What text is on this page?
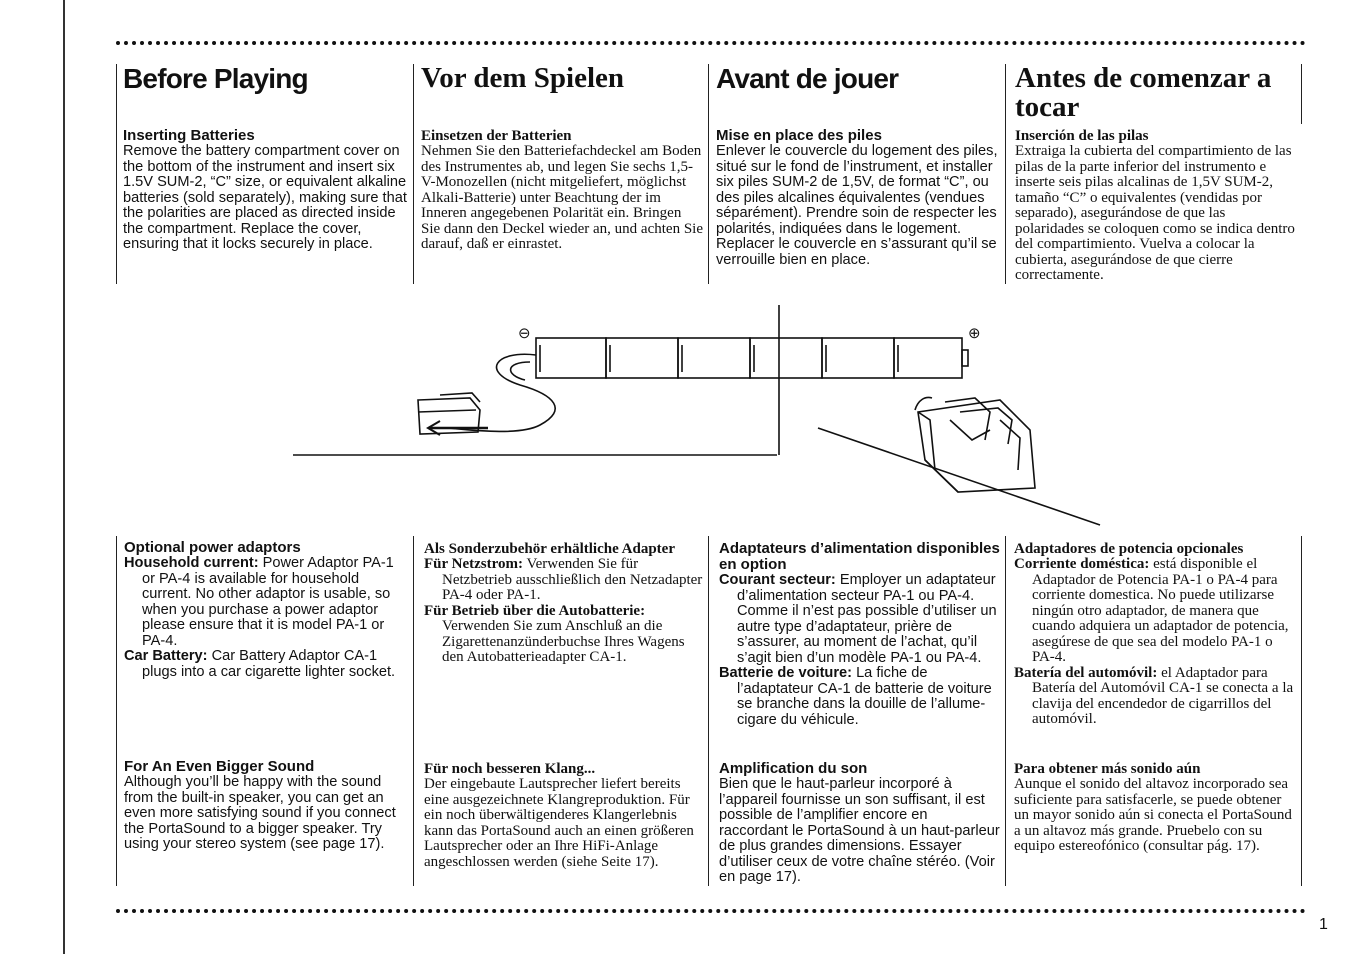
Before Playing
Inserting Batteries
Remove the battery compartment cover on the bottom of the instrument and insert six 1.5V SUM-2, “C” size, or equivalent alkaline batteries (sold separately), making sure that the polarities are placed as directed inside the compartment. Replace the cover, ensuring that it locks securely in place.
Vor dem Spielen
Einsetzen der Batterien
Nehmen Sie den Batteriefachdeckel am Boden des Instrumentes ab, und legen Sie sechs 1,5-V-Monozellen (nicht mitgeliefert, möglichst Alkali-Batterie) unter Beachtung der im Inneren angegebenen Polarität ein. Bringen Sie dann den Deckel wieder an, und achten Sie darauf, daß er einrastet.
Avant de jouer
Mise en place des piles
Enlever le couvercle du logement des piles, situé sur le fond de l’instrument, et installer six piles SUM-2 de 1,5V, de format “C”, ou des piles alcalines équivalentes (vendues séparément). Prendre soin de respecter les polarités, indiquées dans le logement. Replacer le couvercle en s’assurant qu’il se verrouille bien en place.
Antes de comenzar a tocar
Inserción de las pilas
Extraiga la cubierta del compartimiento de las pilas de la parte inferior del instrumento e inserte seis pilas alcalinas de 1,5V SUM-2, tamaño “C” o equivalentes (vendidas por separado), asegurándose de que las polaridades se coloquen como se indica dentro del compartimiento. Vuelva a colocar la cubierta, asegurándose de que cierre correctamente.
⊖	⊕
Optional power adaptors

Household current: Power Adaptor PA-1 or PA-4 is available for household current. No other adaptor is usable, so when you purchase a power adaptor please ensure that it is model PA-1 or PA-4.

Car Battery: Car Battery Adaptor CA-1 plugs into a car cigarette lighter socket.

For An Even Bigger Sound
Although you’ll be happy with the sound from the built-in speaker, you can get an even more satisfying sound if you connect the PortaSound to a bigger speaker. Try using your stereo system (see page 17).
Als Sonderzubehör erhältliche Adapter

Für Netzstrom: Verwenden Sie für Netzbetrieb ausschließlich den Netzadapter PA-4 oder PA-1.

Für Betrieb über die Autobatterie: Verwenden Sie zum Anschluß an die Zigarettenanzünderbuchse Ihres Wagens den Autobatterieadapter CA-1.

Für noch besseren Klang...
Der eingebaute Lautsprecher liefert bereits eine ausgezeichnete Klangreproduktion. Für ein noch überwältigenderes Klangerlebnis kann das PortaSound auch an einen größeren Lautsprecher oder an Ihre HiFi-Anlage angeschlossen werden (siehe Seite 17).
Adaptateurs d’alimentation disponibles en option

Courant secteur: Employer un adaptateur d’alimentation secteur PA-1 ou PA-4. Comme il n’est pas possible d’utiliser un autre type d’adaptateur, prière de s’assurer, au moment de l’achat, qu’il s’agit bien d’un modèle PA-1 ou PA-4.

Batterie de voiture: La fiche de l’adaptateur CA-1 de batterie de voiture se branche dans la douille de l’allume-cigare du véhicule.

Amplification du son
Bien que le haut-parleur incorporé à l’appareil fournisse un son suffisant, il est possible de l’amplifier encore en raccordant le PortaSound à un haut-parleur de plus grandes dimensions. Essayer d’utiliser ceux de votre chaîne stéréo. (Voir en page 17).
Adaptadores de potencia opcionales

Corriente doméstica: está disponible el Adaptador de Potencia PA-1 o PA-4 para corriente domestica. No puede utilizarse ningún otro adaptador, de manera que cuando adquiera un adaptador de potencia, asegúrese de que sea del modelo PA-1 o PA-4.

Batería del automóvil: el Adaptador para Batería del Automóvil CA-1 se conecta a la clavija del encendedor de cigarrillos del automóvil.

Para obtener más sonido aún
Aunque el sonido del altavoz incorporado sea suficiente para satisfacerle, se puede obtener un mayor sonido aún si conecta el PortaSound a un altavoz más grande. Pruebelo con su equipo estereofónico (consultar pág. 17).
1
